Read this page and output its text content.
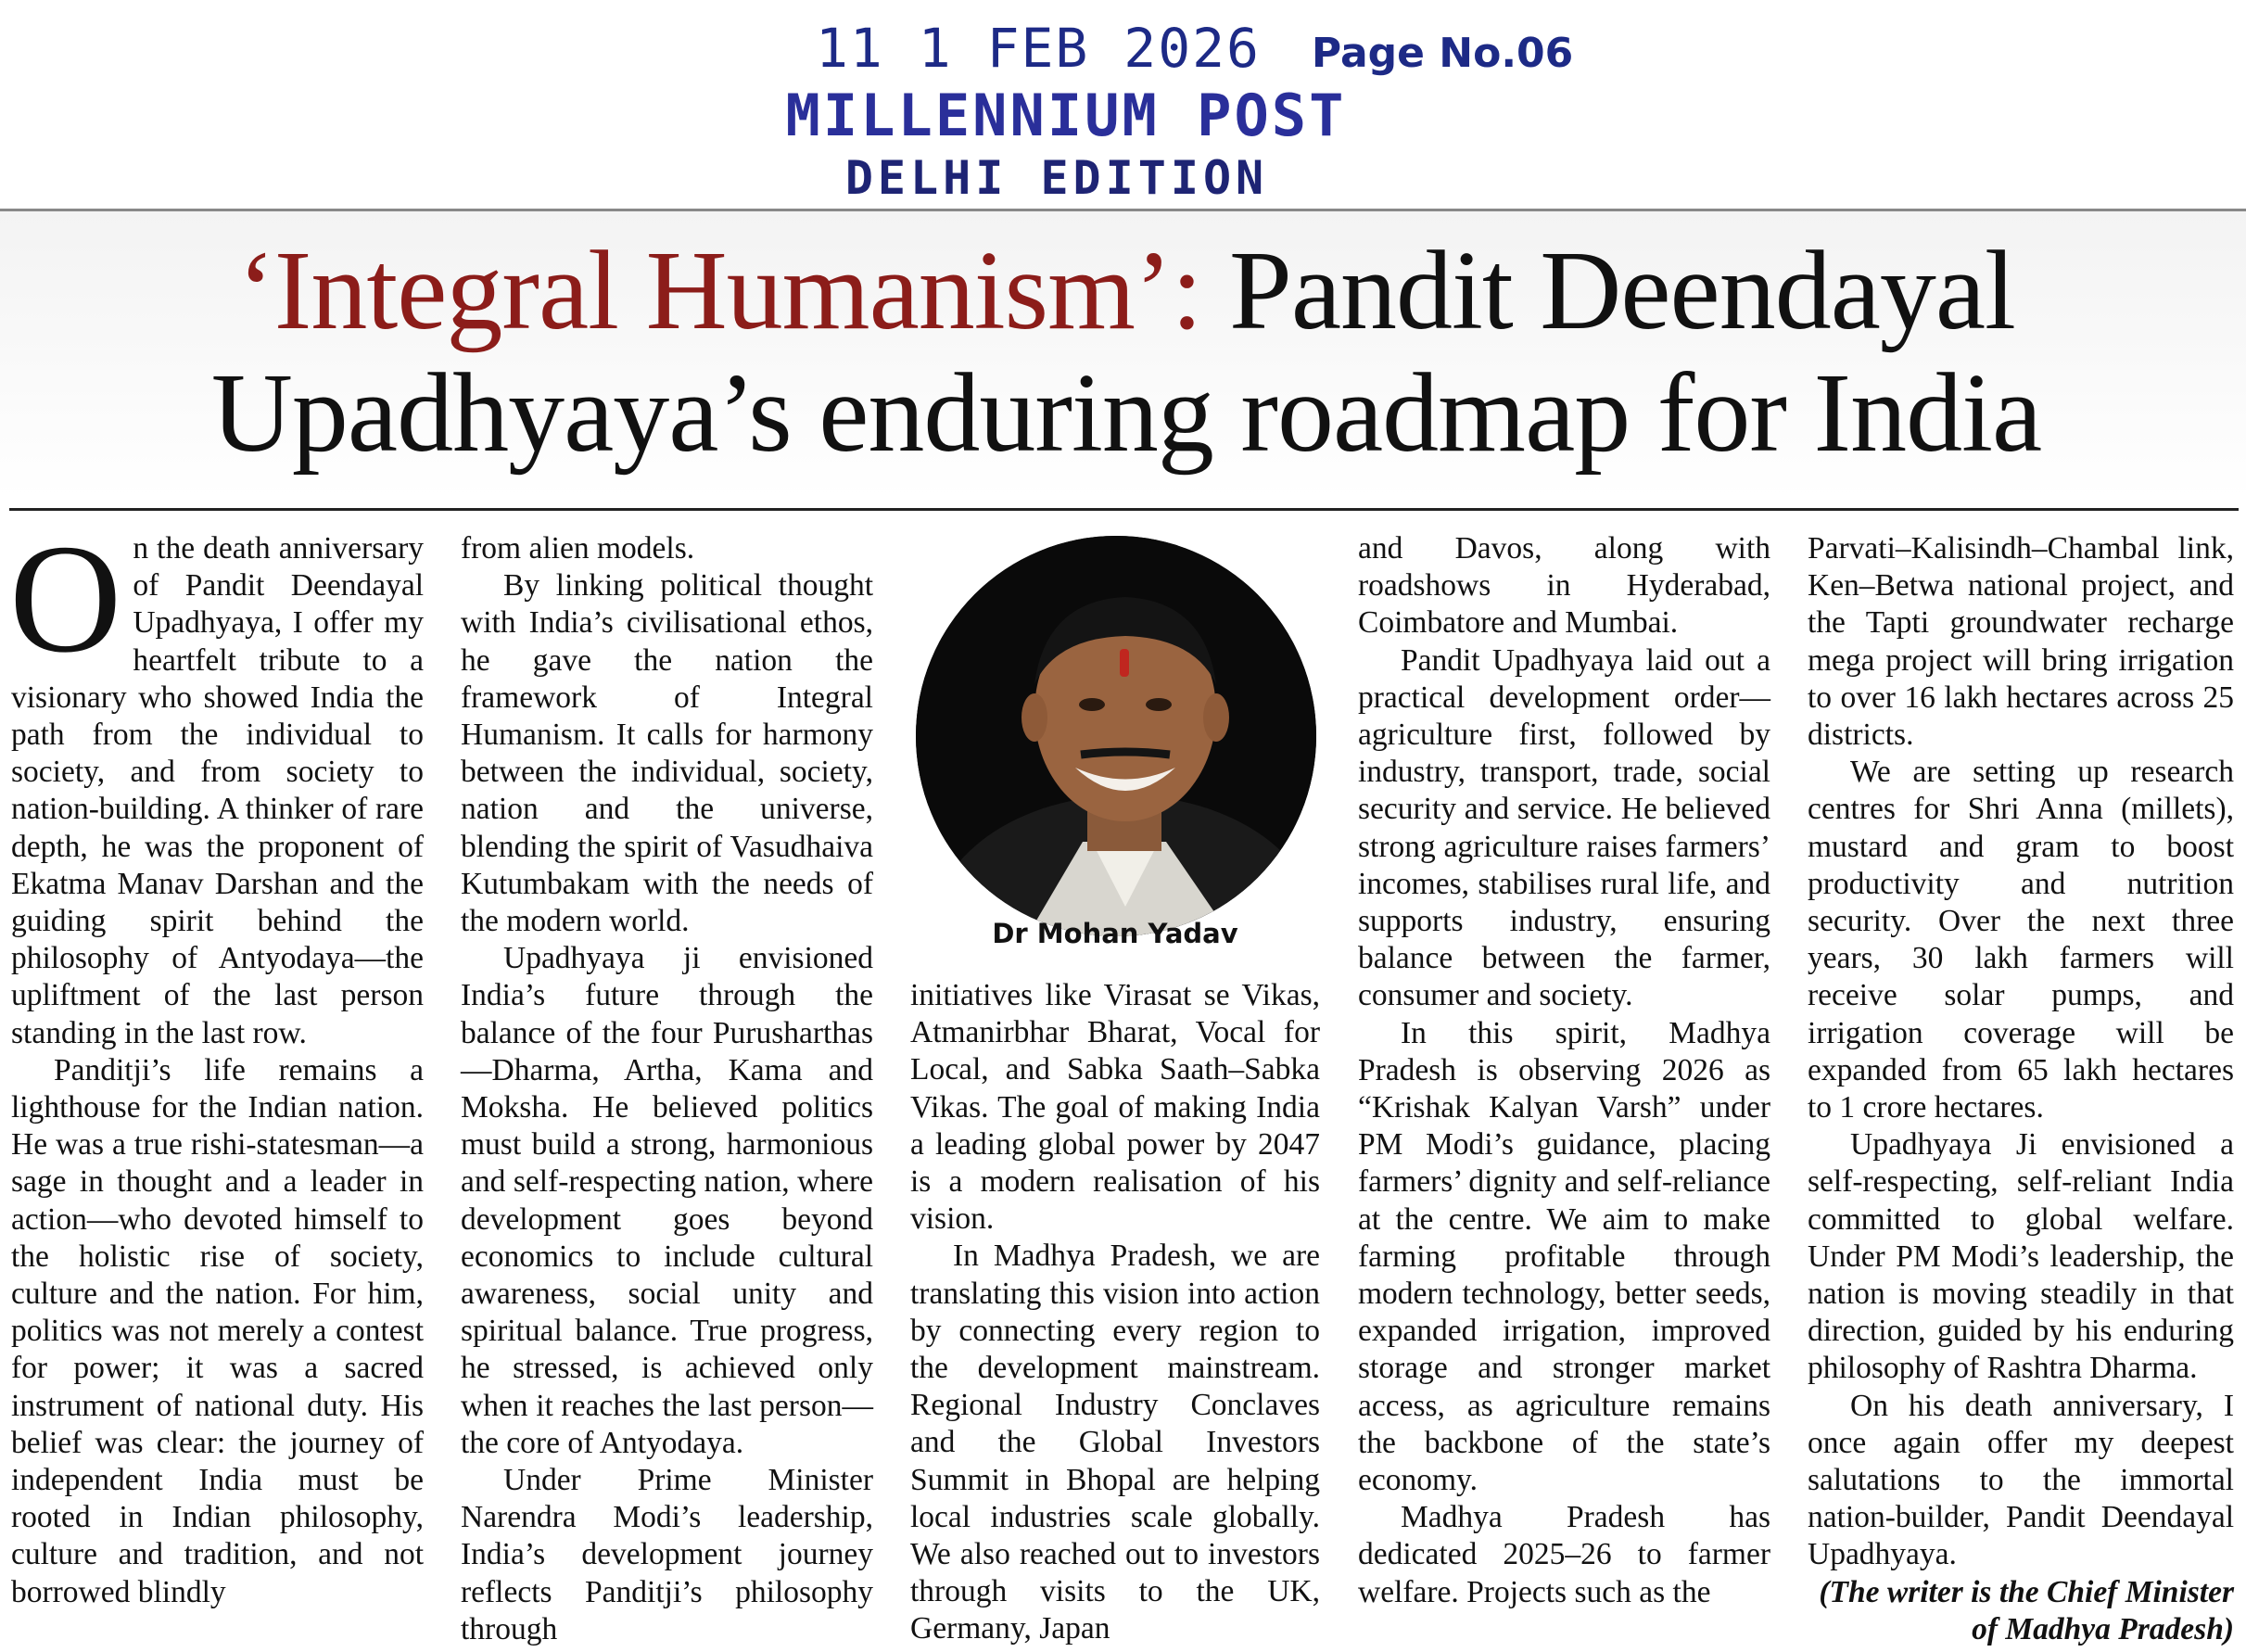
11 1 FEB 2026 Page No.06
MILLENNIUM POST
DELHI EDITION
‘Integral Humanism’: Pandit Deendayal Upadhyaya’s enduring roadmap for India

On the death anniversary of Pandit Deendayal Upadhyaya, I offer my heartfelt tribute to a visionary who showed India the path from the individual to society, and from society to nation-building. A thinker of rare depth, he was the proponent of Ekatma Manav Darshan and the guiding spirit behind the philosophy of Antyodaya—the upliftment of the last person standing in the last row.

Panditji’s life remains a lighthouse for the Indian nation. He was a true rishi-statesman—a sage in thought and a leader in action—who devoted himself to the holistic rise of society, culture and the nation. For him, politics was not merely a contest for power; it was a sacred instrument of national duty. His belief was clear: the journey of independent India must be rooted in Indian philosophy, culture and tradition, and not borrowed blindly

from alien models.

By linking political thought with India’s civilisational ethos, he gave the nation the framework of Integral Humanism. It calls for harmony between the individual, society, nation and the universe, blending the spirit of Vasudhaiva Kutumbakam with the needs of the modern world.

Upadhyaya ji envisioned India’s future through the balance of the four Purusharthas—Dharma, Artha, Kama and Moksha. He believed politics must build a strong, harmonious and self-respecting nation, where development goes beyond economics to include cultural awareness, social unity and spiritual balance. True progress, he stressed, is achieved only when it reaches the last person—the core of Antyodaya.

Under Prime Minister Narendra Modi’s leadership, India’s development journey reflects Panditji’s philosophy through

Dr Mohan Yadav

initiatives like Virasat se Vikas, Atmanirbhar Bharat, Vocal for Local, and Sabka Saath–Sabka Vikas. The goal of making India a leading global power by 2047 is a modern realisation of his vision.

In Madhya Pradesh, we are translating this vision into action by connecting every region to the development mainstream. Regional Industry Conclaves and the Global Investors Summit in Bhopal are helping local industries scale globally. We also reached out to investors through visits to the UK, Germany, Japan

and Davos, along with roadshows in Hyderabad, Coimbatore and Mumbai.

Pandit Upadhyaya laid out a practical development order—agriculture first, followed by industry, transport, trade, social security and service. He believed strong agriculture raises farmers’ incomes, stabilises rural life, and supports industry, ensuring balance between the farmer, consumer and society.

In this spirit, Madhya Pradesh is observing 2026 as “Krishak Kalyan Varsh” under PM Modi’s guidance, placing farmers’ dignity and self-reliance at the centre. We aim to make farming profitable through modern technology, better seeds, expanded irrigation, improved storage and stronger market access, as agriculture remains the backbone of the state’s economy.

Madhya Pradesh has dedicated 2025–26 to farmer welfare. Projects such as the

Parvati–Kalisindh–Chambal link, Ken–Betwa national project, and the Tapti groundwater recharge mega project will bring irrigation to over 16 lakh hectares across 25 districts.

We are setting up research centres for Shri Anna (millets), mustard and gram to boost productivity and nutrition security. Over the next three years, 30 lakh farmers will receive solar pumps, and irrigation coverage will be expanded from 65 lakh hectares to 1 crore hectares.

Upadhyaya Ji envisioned a self-respecting, self-reliant India committed to global welfare. Under PM Modi’s leadership, the nation is moving steadily in that direction, guided by his enduring philosophy of Rashtra Dharma.

On his death anniversary, I once again offer my deepest salutations to the immortal nation-builder, Pandit Deendayal Upadhyaya.

(The writer is the Chief Minister of Madhya Pradesh)
